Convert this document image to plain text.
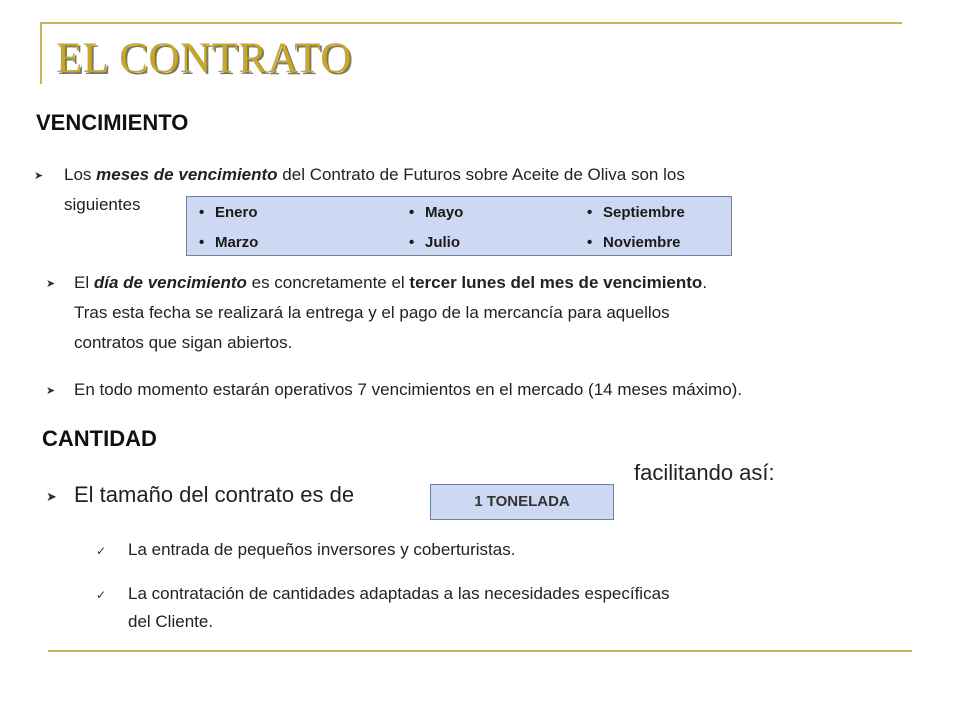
EL CONTRATO
VENCIMIENTO
➤ Los meses de vencimiento del Contrato de Futuros sobre Aceite de Oliva son los
siguientes	• Enero	• Mayo	• Septiembre
• Marzo	• Julio	• Noviembre
➤ El día de vencimiento es concretamente el tercer lunes del mes de vencimiento.
Tras esta fecha se realizará la entrega y el pago de la mercancía para aquellos
contratos que sigan abiertos.
➤ En todo momento estarán operativos 7 vencimientos en el mercado (14 meses máximo).
CANTIDAD
facilitando así:
➤ El tamaño del contrato es de	1 TONELADA
✓ La entrada de pequeños inversores y coberturistas.
✓ La contratación de cantidades adaptadas a las necesidades específicas
del Cliente.
